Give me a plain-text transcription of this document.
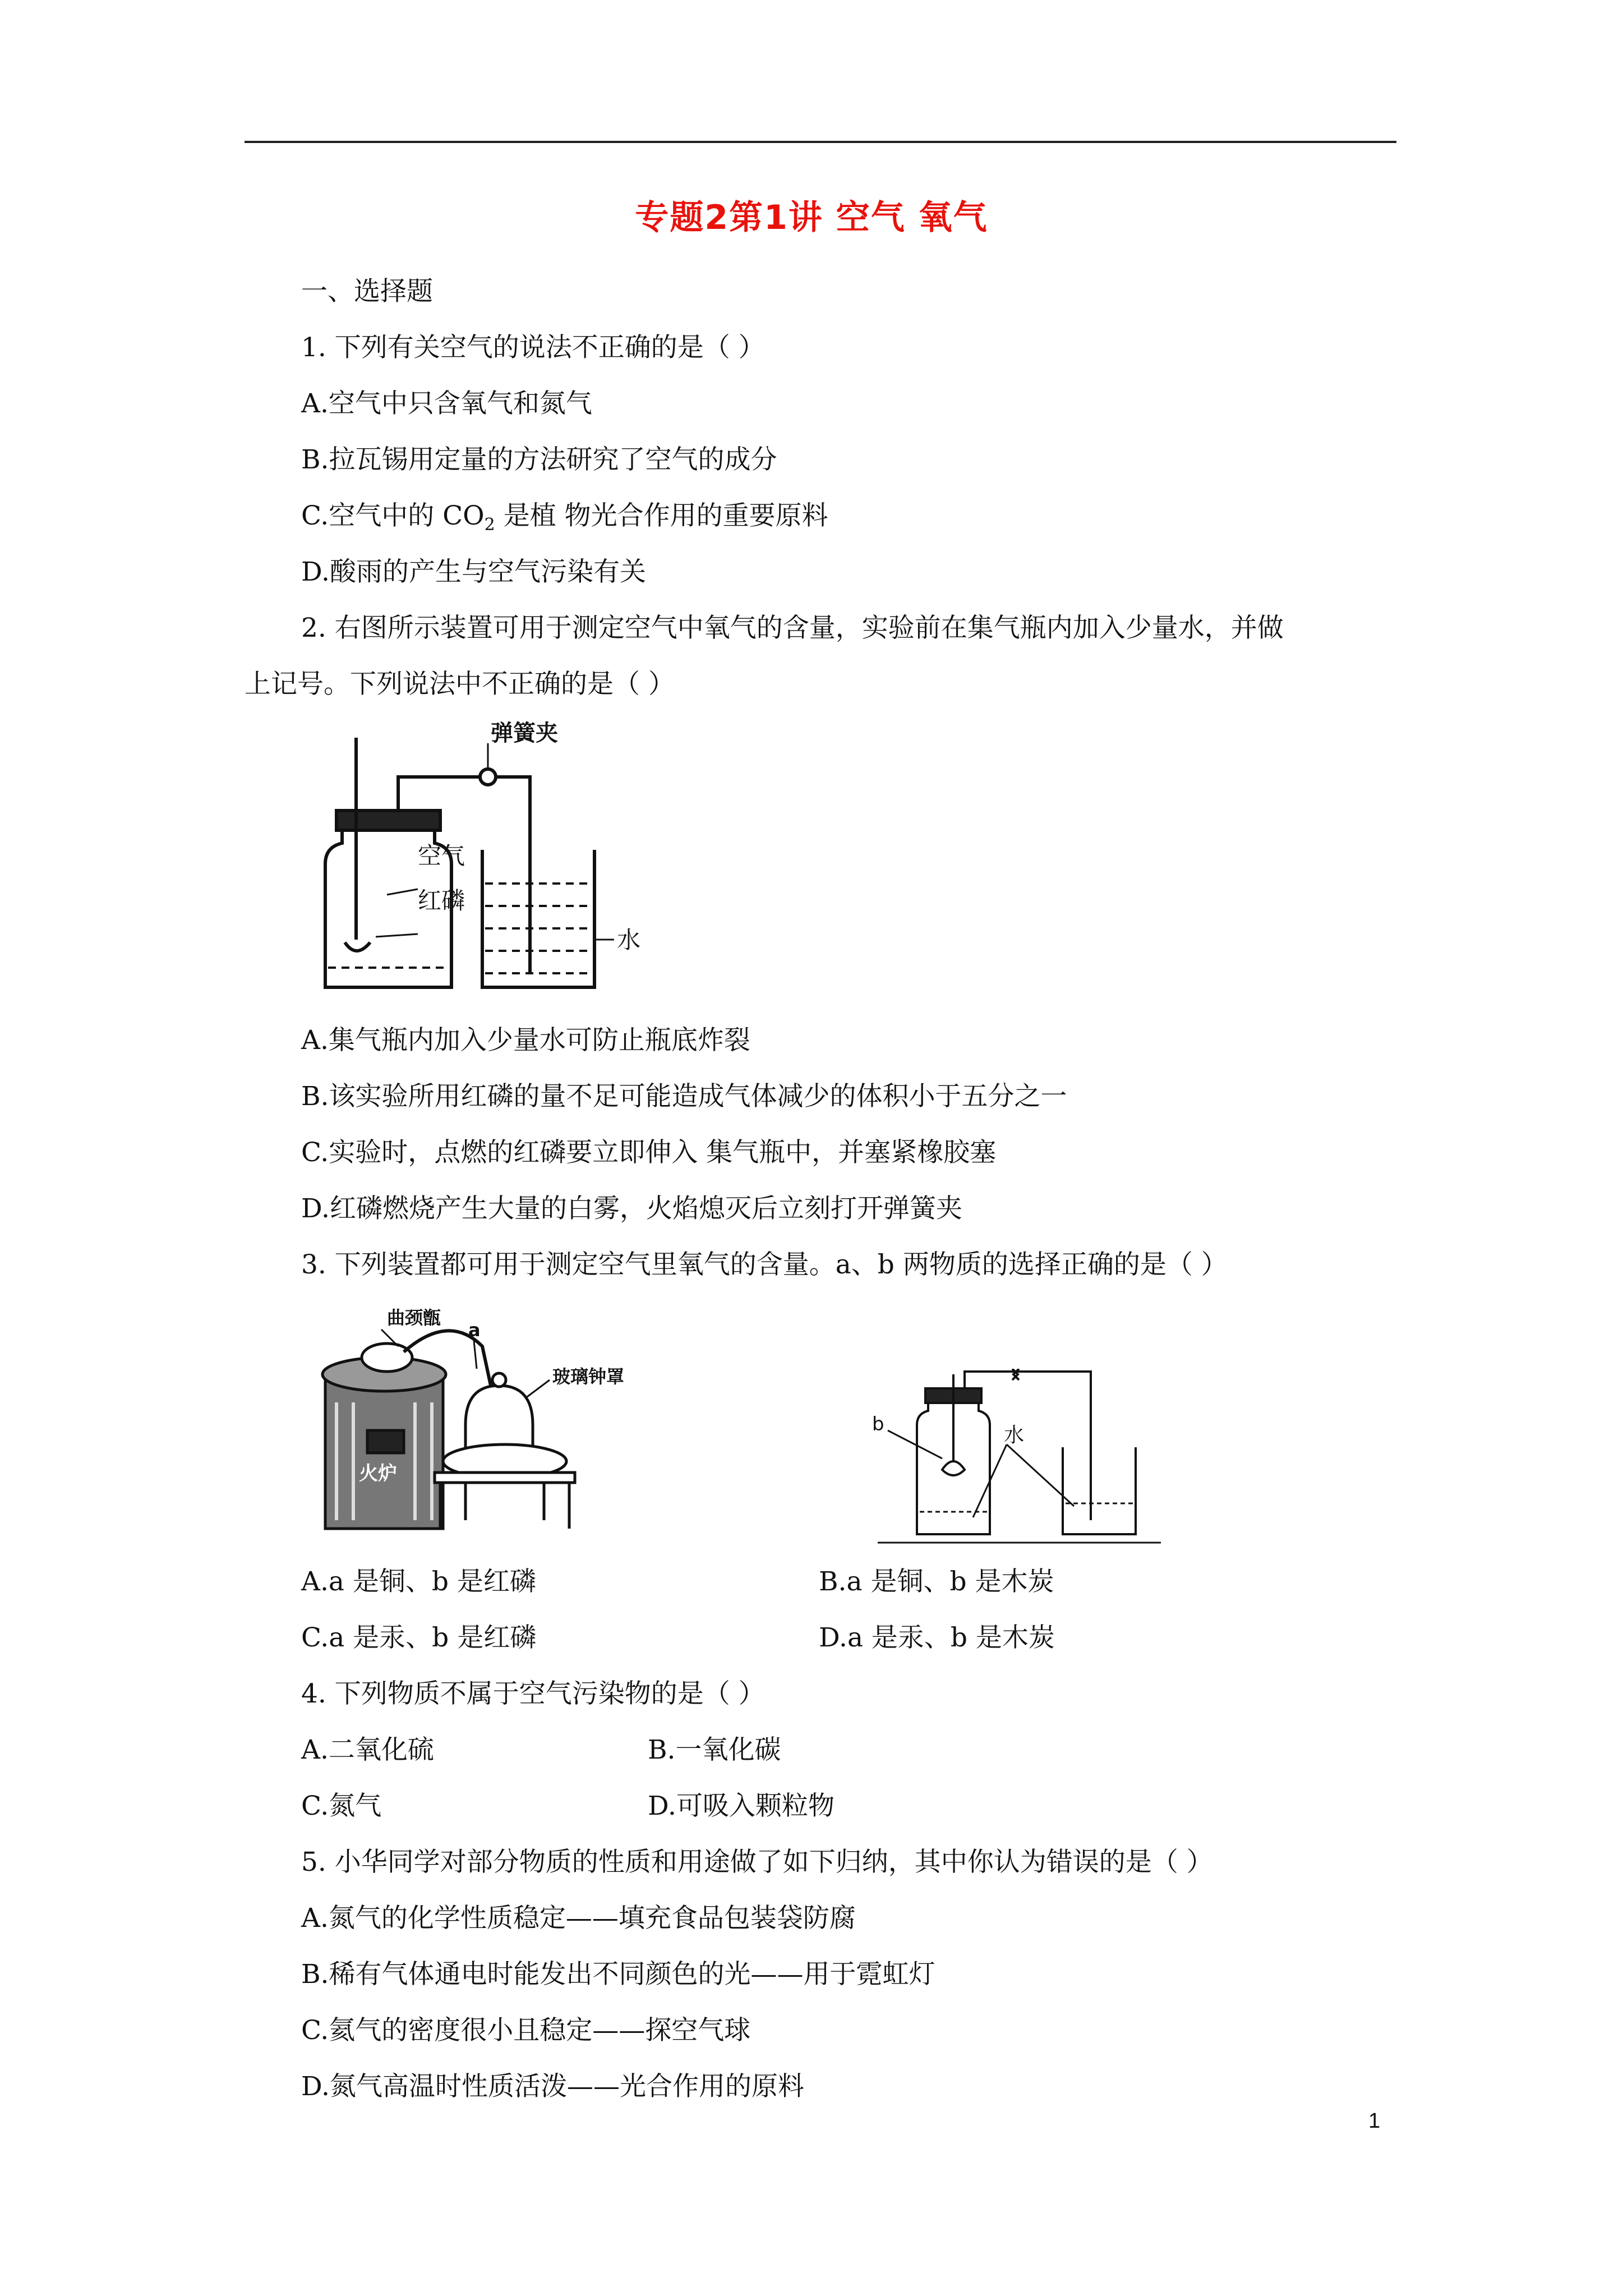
专题2第1讲 空气 氧气
一、选择题
1. 下列有关空气的说法不正确的是（ ）
A.空气中只含氧气和氮气
B.拉瓦锡用定量的方法研究了空气的成分
C.空气中的 $CO_2$ 是植 物光合作用的重要原料
D.酸雨的产生与空气污染有关
2. 右图所示装置可用于测定空气中氧气的含量，实验前在集气瓶内加入少量水，并做
上记号。下列说法中不正确的是（ ）
弹簧夹
空气
红磷
水
A.集气瓶内加入少量水可防止瓶底炸裂
B.该实验所用红磷的量不足可能造成气体减少的体积小于五分之一
C.实验时，点燃的红磷要立即伸入 集气瓶中，并塞紧橡胶塞
D.红磷燃烧产生大量的白雾，火焰熄灭后立刻打开弹簧夹
3. 下列装置都可用于测定空气里氧气的含量。a、b 两物质的选择正确的是（ ）
曲颈甑
a
玻璃钟罩
火炉
b	水
A.a 是铜、b 是红磷	B.a 是铜、b 是木炭
C.a 是汞、b 是红磷	D.a 是汞、b 是木炭
4. 下列物质不属于空气污染物的是（ ）
A.二氧化硫	B.一氧化碳
C.氮气	D.可吸入颗粒物
5. 小华同学对部分物质的性质和用途做了如下归纳，其中你认为错误的是（ ）
A.氮气的化学性质稳定——填充食品包装袋防腐
B.稀有气体通电时能发出不同颜色的光——用于霓虹灯
C.氦气的密度很小且稳定——探空气球
D.氮气高温时性质活泼——光合作用的原料
1
